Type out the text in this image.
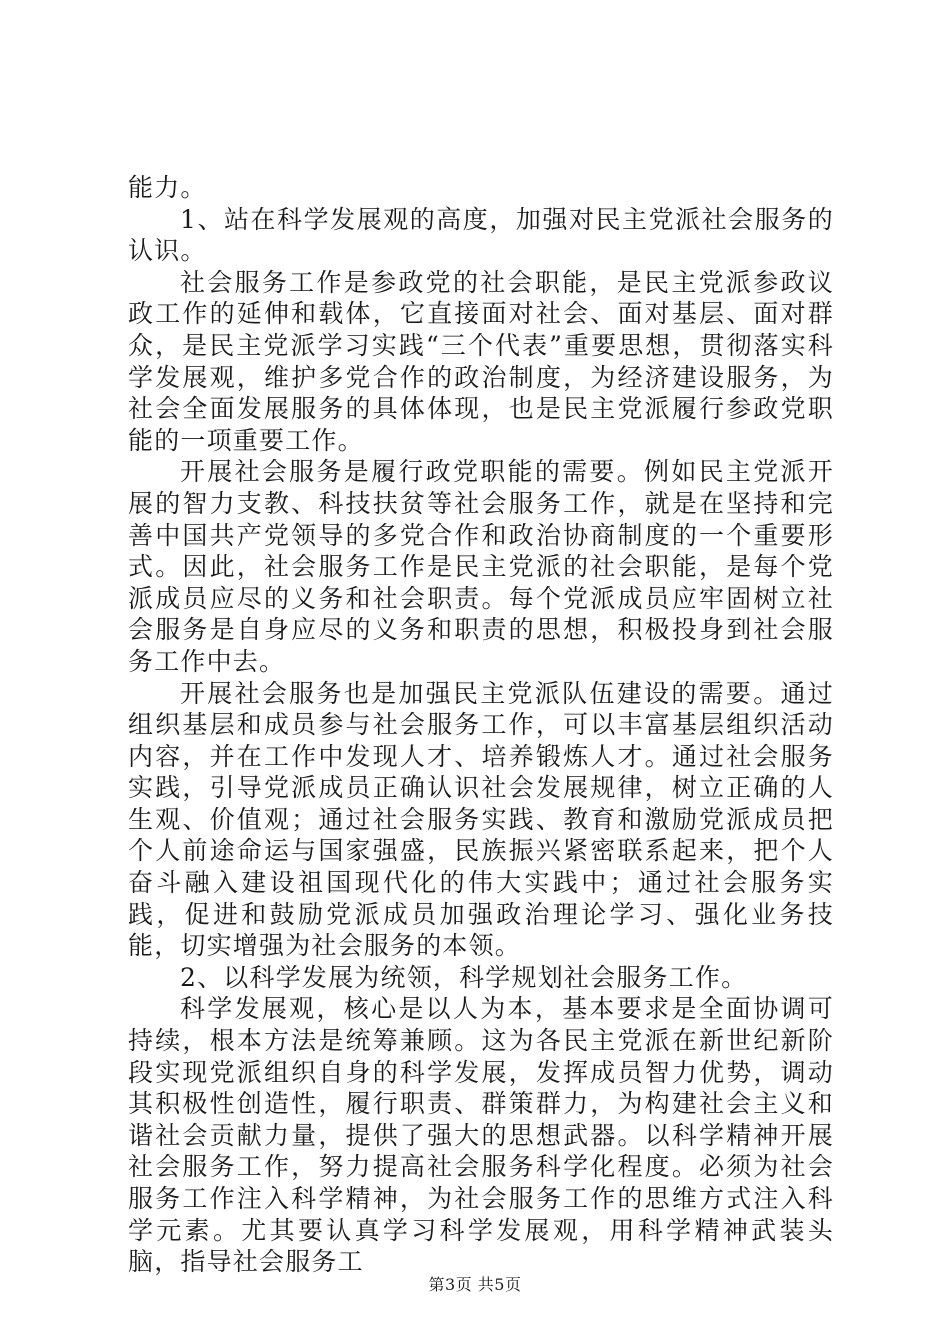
能力。

1、站在科学发展观的高度，加强对民主党派社会服务的认识。

社会服务工作是参政党的社会职能，是民主党派参政议政工作的延伸和载体，它直接面对社会、面对基层、面对群众，是民主党派学习实践“三个代表”重要思想，贯彻落实科学发展观，维护多党合作的政治制度，为经济建设服务，为社会全面发展服务的具体体现，也是民主党派履行参政党职能的一项重要工作。

开展社会服务是履行政党职能的需要。例如民主党派开展的智力支教、科技扶贫等社会服务工作，就是在坚持和完善中国共产党领导的多党合作和政治协商制度的一个重要形式。因此，社会服务工作是民主党派的社会职能，是每个党派成员应尽的义务和社会职责。每个党派成员应牢固树立社会服务是自身应尽的义务和职责的思想，积极投身到社会服务工作中去。

开展社会服务也是加强民主党派队伍建设的需要。通过组织基层和成员参与社会服务工作，可以丰富基层组织活动内容，并在工作中发现人才、培养锻炼人才。通过社会服务实践，引导党派成员正确认识社会发展规律，树立正确的人生观、价值观；通过社会服务实践、教育和激励党派成员把个人前途命运与国家强盛，民族振兴紧密联系起来，把个人奋斗融入建设祖国现代化的伟大实践中；通过社会服务实践，促进和鼓励党派成员加强政治理论学习、强化业务技能，切实增强为社会服务的本领。

2、以科学发展为统领，科学规划社会服务工作。

科学发展观，核心是以人为本，基本要求是全面协调可持续，根本方法是统筹兼顾。这为各民主党派在新世纪新阶段实现党派组织自身的科学发展，发挥成员智力优势，调动其积极性创造性，履行职责、群策群力，为构建社会主义和谐社会贡献力量，提供了强大的思想武器。以科学精神开展社会服务工作，努力提高社会服务科学化程度。必须为社会服务工作注入科学精神，为社会服务工作的思维方式注入科学元素。尤其要认真学习科学发展观，用科学精神武装头脑，指导社会服务工

第3页 共5页
